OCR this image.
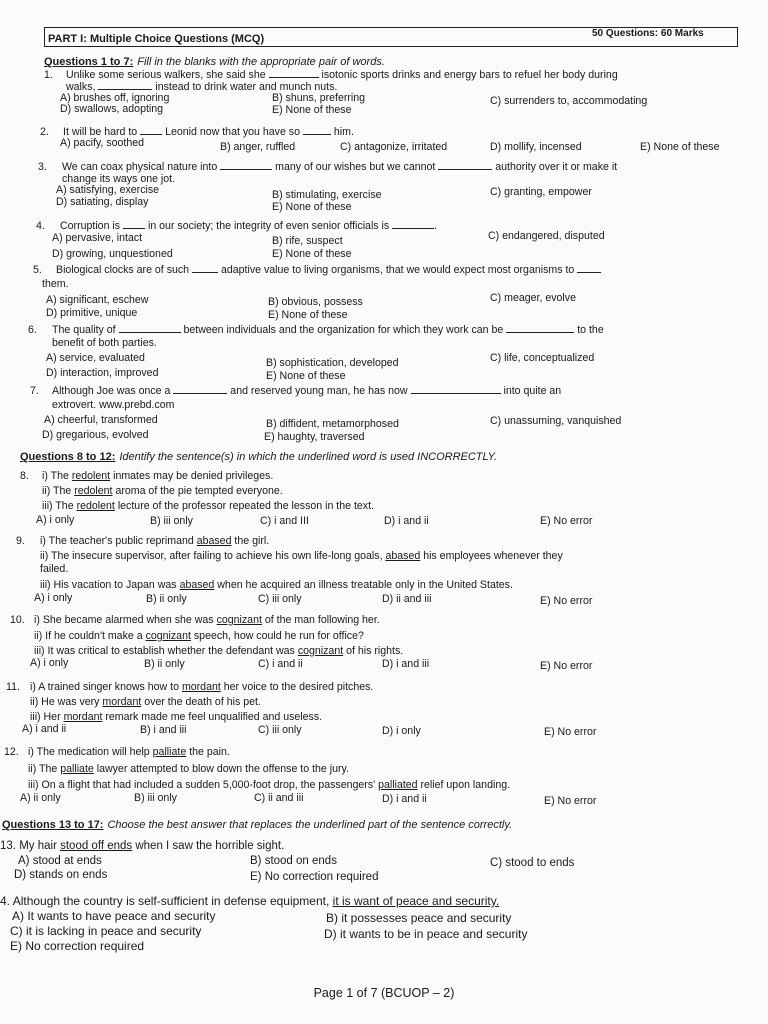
PART I: Multiple Choice Questions (MCQ)	50 Questions: 60 Marks
Questions 1 to 7: Fill in the blanks with the appropriate pair of words.
1. Unlike some serious walkers, she said she	isotonic sports drinks and energy bars to refuel her body during
walks,	instead to drink water and munch nuts.
A) brushes off, ignoring	B) shuns, preferring	C) surrenders to, accommodating
D) swallows, adopting	E) None of these
2. It will be hard to	Leonid now that you have so	him.
A) pacify, soothed	B) anger, ruffled	C) antagonize, irritated	D) mollify, incensed	E) None of these
3. We can coax physical nature into	many of our wishes but we cannot	authority over it or make it
change its ways one jot.
A) satisfying, exercise	B) stimulating, exercise	C) granting, empower
D) satiating, display	E) None of these
4. Corruption is	in our society; the integrity of even senior officials is	.
A) pervasive, intact	B) rife, suspect	C) endangered, disputed
D) growing, unquestioned	E) None of these
5. Biological clocks are of such	adaptive value to living organisms, that we would expect most organisms to
them.
A) significant, eschew	B) obvious, possess	C) meager, evolve
D) primitive, unique	E) None of these
6. The quality of	between individuals and the organization for which they work can be	to the
benefit of both parties.
A) service, evaluated	B) sophistication, developed	C) life, conceptualized
D) interaction, improved	E) None of these
7. Although Joe was once a	and reserved young man, he has now	into quite an
extrovert. www.prebd.com
A) cheerful, transformed	B) diffident, metamorphosed	C) unassuming, vanquished
D) gregarious, evolved	E) haughty, traversed
Questions 8 to 12: Identify the sentence(s) in which the underlined word is used INCORRECTLY.
8. i) The redolent inmates may be denied privileges.
ii) The redolent aroma of the pie tempted everyone.
iii) The redolent lecture of the professor repeated the lesson in the text.
A) i only	B) iii only	C) i and III	D) i and ii	E) No error
9. i) The teacher's public reprimand abased the girl.
ii) The insecure supervisor, after failing to achieve his own life-long goals, abased his employees whenever they
failed.
iii) His vacation to Japan was abased when he acquired an illness treatable only in the United States.
A) i only	B) ii only	C) iii only	D) ii and iii	E) No error
10. i) She became alarmed when she was cognizant of the man following her.
ii) If he couldn't make a cognizant speech, how could he run for office?
iii) It was critical to establish whether the defendant was cognizant of his rights.
A) i only	B) ii only	C) i and ii	D) i and iii	E) No error
11. i) A trained singer knows how to mordant her voice to the desired pitches.
ii) He was very mordant over the death of his pet.
iii) Her mordant remark made me feel unqualified and useless.
A) i and ii	B) i and iii	C) iii only	D) i only	E) No error
12. i) The medication will help palliate the pain.
ii) The palliate lawyer attempted to blow down the offense to the jury.
iii) On a flight that had included a sudden 5,000-foot drop, the passengers' palliated relief upon landing.
A) ii only	B) iii only	C) ii and iii	D) i and ii	E) No error
Questions 13 to 17: Choose the best answer that replaces the underlined part of the sentence correctly.
13. My hair stood off ends when I saw the horrible sight.
A) stood at ends	B) stood on ends	C) stood to ends
D) stands on ends	E) No correction required
4. Although the country is self-sufficient in defense equipment, it is want of peace and security.
A) It wants to have peace and security	B) it possesses peace and security
C) it is lacking in peace and security	D) it wants to be in peace and security
E) No correction required
Page 1 of 7 (BCUOP – 2)
